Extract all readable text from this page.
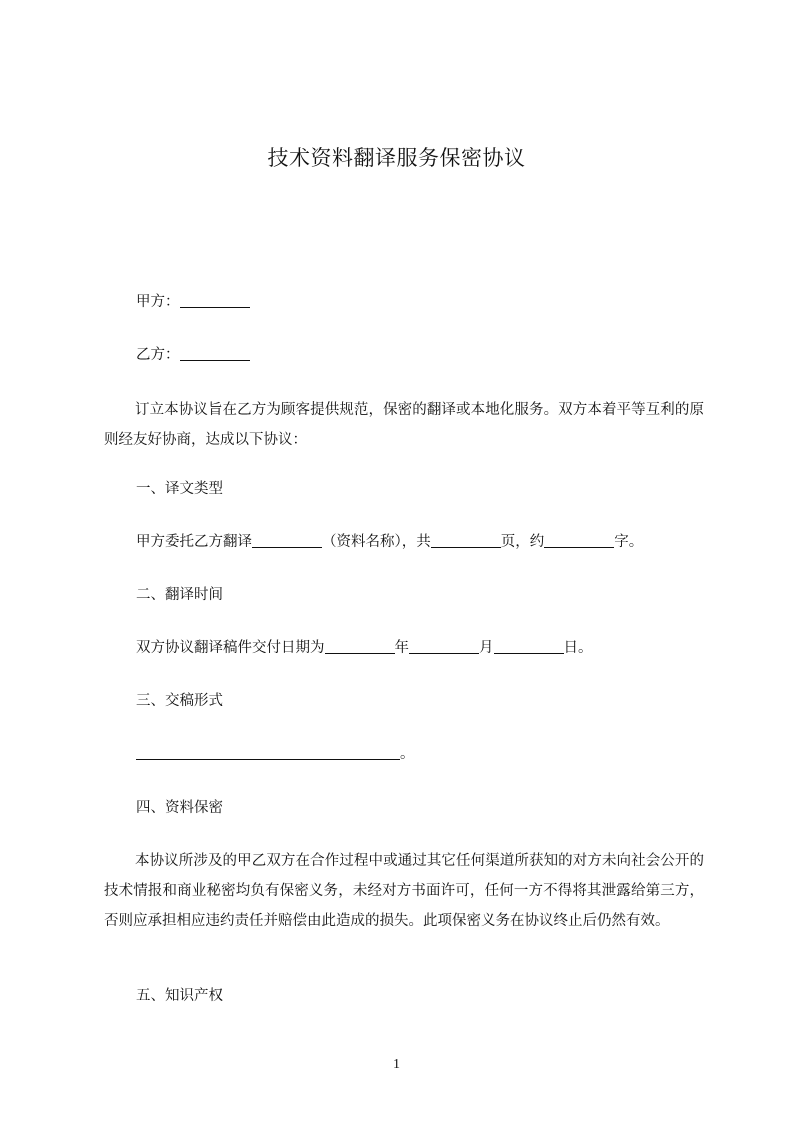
技术资料翻译服务保密协议
甲方：
乙方：
订立本协议旨在乙方为顾客提供规范，保密的翻译或本地化服务。双方本着平等互利的原则经友好协商，达成以下协议：
一、译文类型
甲方委托乙方翻译	（资料名称），共	页，约	字。
二、翻译时间
双方协议翻译稿件交付日期为	年	月	日。
三、交稿形式
。
四、资料保密
本协议所涉及的甲乙双方在合作过程中或通过其它任何渠道所获知的对方未向社会公开的技术情报和商业秘密均负有保密义务，未经对方书面许可，任何一方不得将其泄露给第三方，否则应承担相应违约责任并赔偿由此造成的损失。此项保密义务在协议终止后仍然有效。
五、知识产权
1
